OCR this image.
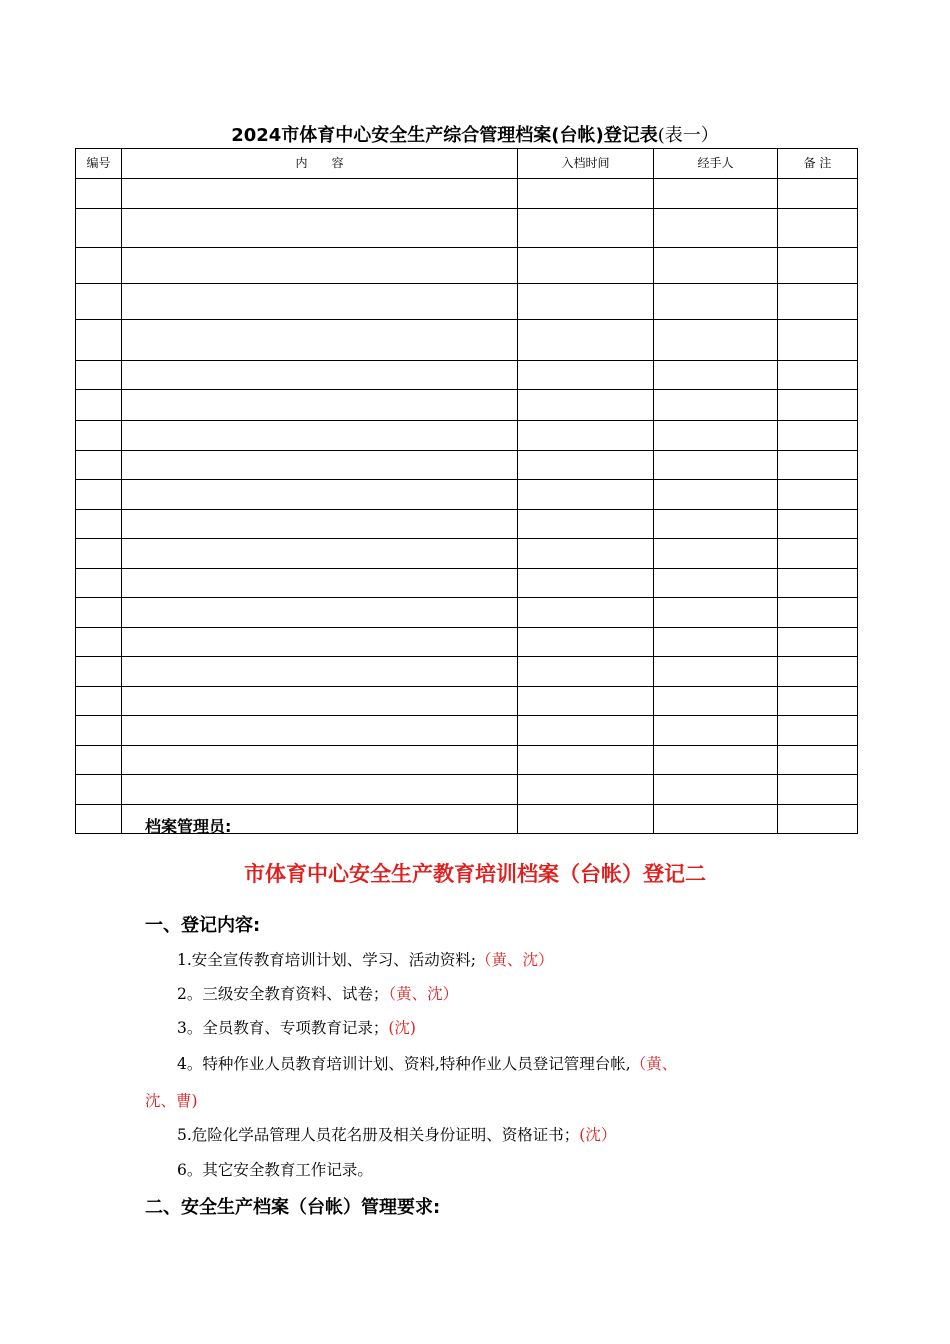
2024市体育中心安全生产综合管理档案(台帐)登记表(表一）
编号	内　　容	入档时间	经手人	备 注

档案管理员:
市体育中心安全生产教育培训档案（台帐）登记二
一、登记内容:
1.安全宣传教育培训计划、学习、活动资料;（黄、沈）
2。三级安全教育资料、试卷；（黄、沈）
3。全员教育、专项教育记录；(沈)
4。特种作业人员教育培训计划、资料,特种作业人员登记管理台帐,（黄、
沈、曹)
5.危险化学品管理人员花名册及相关身份证明、资格证书；(沈）
6。其它安全教育工作记录。
二、安全生产档案（台帐）管理要求:
